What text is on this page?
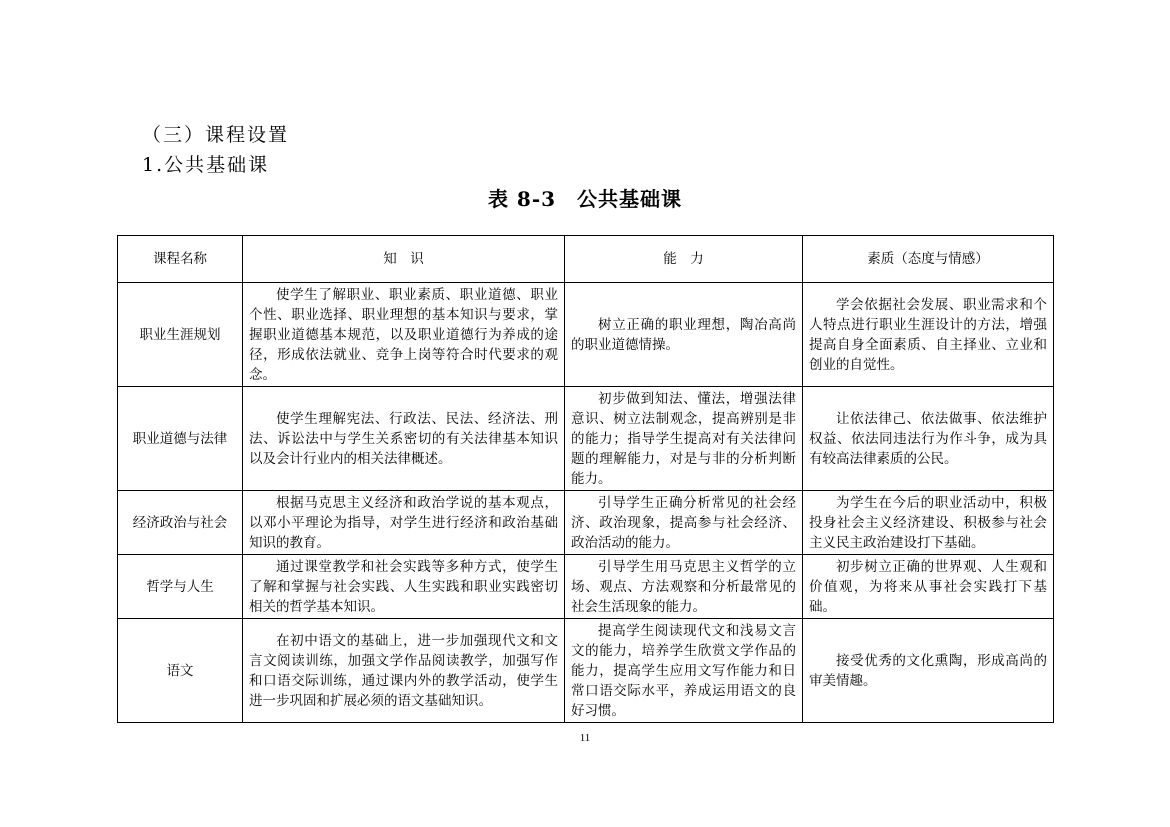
（三）课程设置
1.公共基础课
表 8-3　公共基础课
课程名称	知　识	能　力	素质（态度与情感）
职业生涯规划	使学生了解职业、职业素质、职业道德、职业个性、职业选择、职业理想的基本知识与要求，掌握职业道德基本规范，以及职业道德行为养成的途径，形成依法就业、竞争上岗等符合时代要求的观念。	树立正确的职业理想，陶冶高尚的职业道德情操。	学会依据社会发展、职业需求和个人特点进行职业生涯设计的方法，增强提高自身全面素质、自主择业、立业和创业的自觉性。
职业道德与法律	使学生理解宪法、行政法、民法、经济法、刑法、诉讼法中与学生关系密切的有关法律基本知识以及会计行业内的相关法律概述。	初步做到知法、懂法，增强法律意识、树立法制观念，提高辨别是非的能力；指导学生提高对有关法律问题的理解能力，对是与非的分析判断能力。	让依法律己、依法做事、依法维护权益、依法同违法行为作斗争，成为具有较高法律素质的公民。
经济政治与社会	根据马克思主义经济和政治学说的基本观点，以邓小平理论为指导，对学生进行经济和政治基础知识的教育。	引导学生正确分析常见的社会经济、政治现象，提高参与社会经济、政治活动的能力。	为学生在今后的职业活动中，积极投身社会主义经济建设、积极参与社会主义民主政治建设打下基础。
哲学与人生	通过课堂教学和社会实践等多种方式，使学生了解和掌握与社会实践、人生实践和职业实践密切相关的哲学基本知识。	引导学生用马克思主义哲学的立场、观点、方法观察和分析最常见的社会生活现象的能力。	初步树立正确的世界观、人生观和价值观，为将来从事社会实践打下基础。
语文	在初中语文的基础上，进一步加强现代文和文言文阅读训练，加强文学作品阅读教学，加强写作和口语交际训练，通过课内外的教学活动，使学生进一步巩固和扩展必须的语文基础知识。	提高学生阅读现代文和浅易文言文的能力，培养学生欣赏文学作品的能力，提高学生应用文写作能力和日常口语交际水平，养成运用语文的良好习惯。	接受优秀的文化熏陶，形成高尚的审美情趣。
11
